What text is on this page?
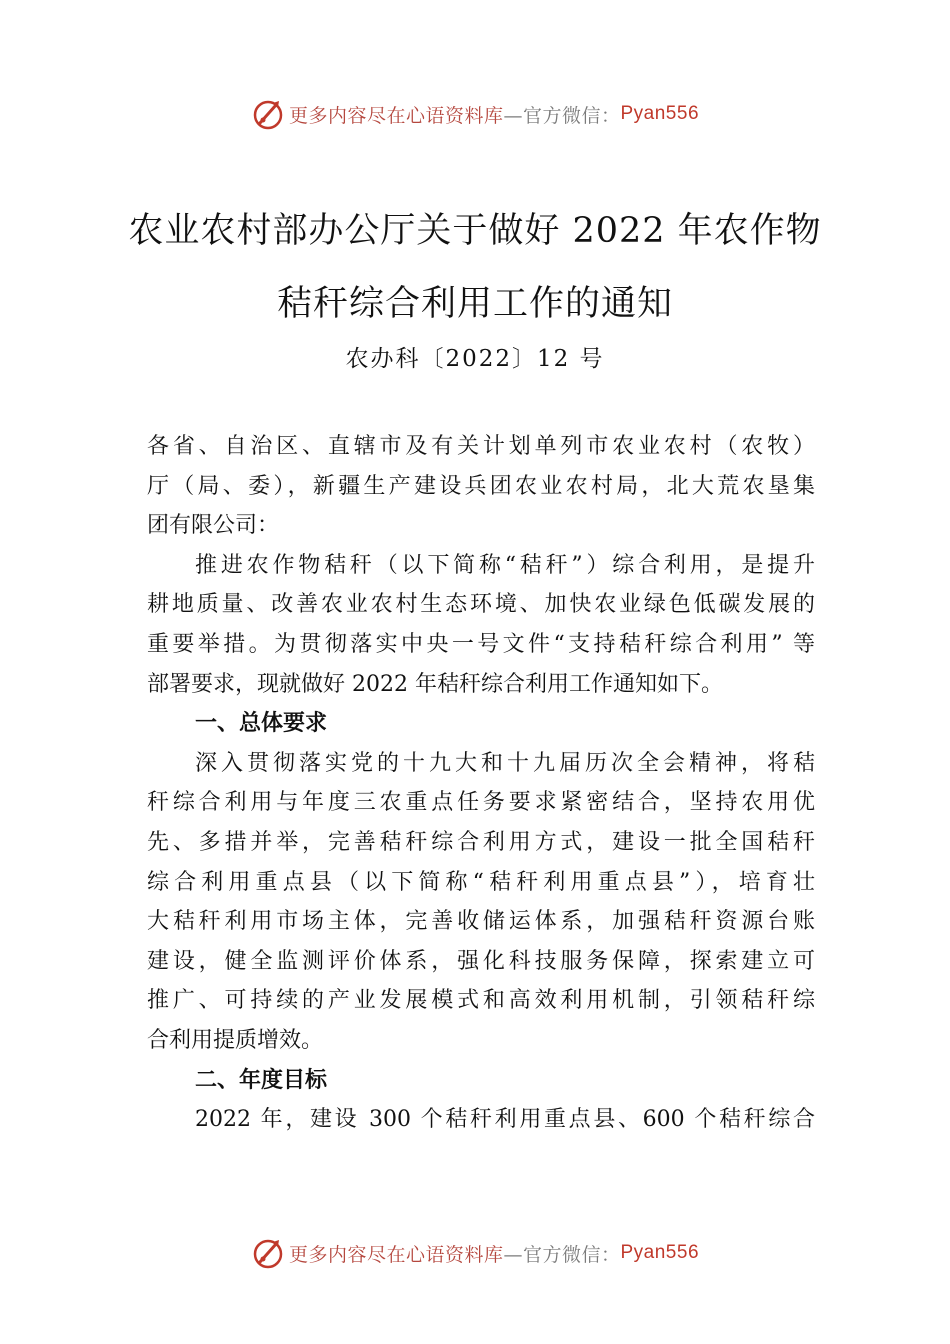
更多内容尽在心语资料库 —官方微信： Pyan556
农业农村部办公厅关于做好 2022 年农作物
秸秆综合利用工作的通知
农办科〔2022〕12 号
各省、自治区、直辖市及有关计划单列市农业农村（农牧）
厅（局、委），新疆生产建设兵团农业农村局，北大荒农垦集
团有限公司：
推进农作物秸秆（以下简称“秸秆”）综合利用，是提升
耕地质量、改善农业农村生态环境、加快农业绿色低碳发展的
重要举措。为贯彻落实中央一号文件“支持秸秆综合利用” 等
部署要求，现就做好 2022 年秸秆综合利用工作通知如下。
一、总体要求
深入贯彻落实党的十九大和十九届历次全会精神，将秸
秆综合利用与年度三农重点任务要求紧密结合，坚持农用优
先、多措并举，完善秸秆综合利用方式，建设一批全国秸秆
综合利用重点县（以下简称“秸秆利用重点县”），培育壮
大秸秆利用市场主体，完善收储运体系，加强秸秆资源台账
建设，健全监测评价体系，强化科技服务保障，探索建立可
推广、可持续的产业发展模式和高效利用机制，引领秸秆综
合利用提质增效。
二、年度目标
2022 年，建设 300 个秸秆利用重点县、600 个秸秆综合
更多内容尽在心语资料库 —官方微信： Pyan556
